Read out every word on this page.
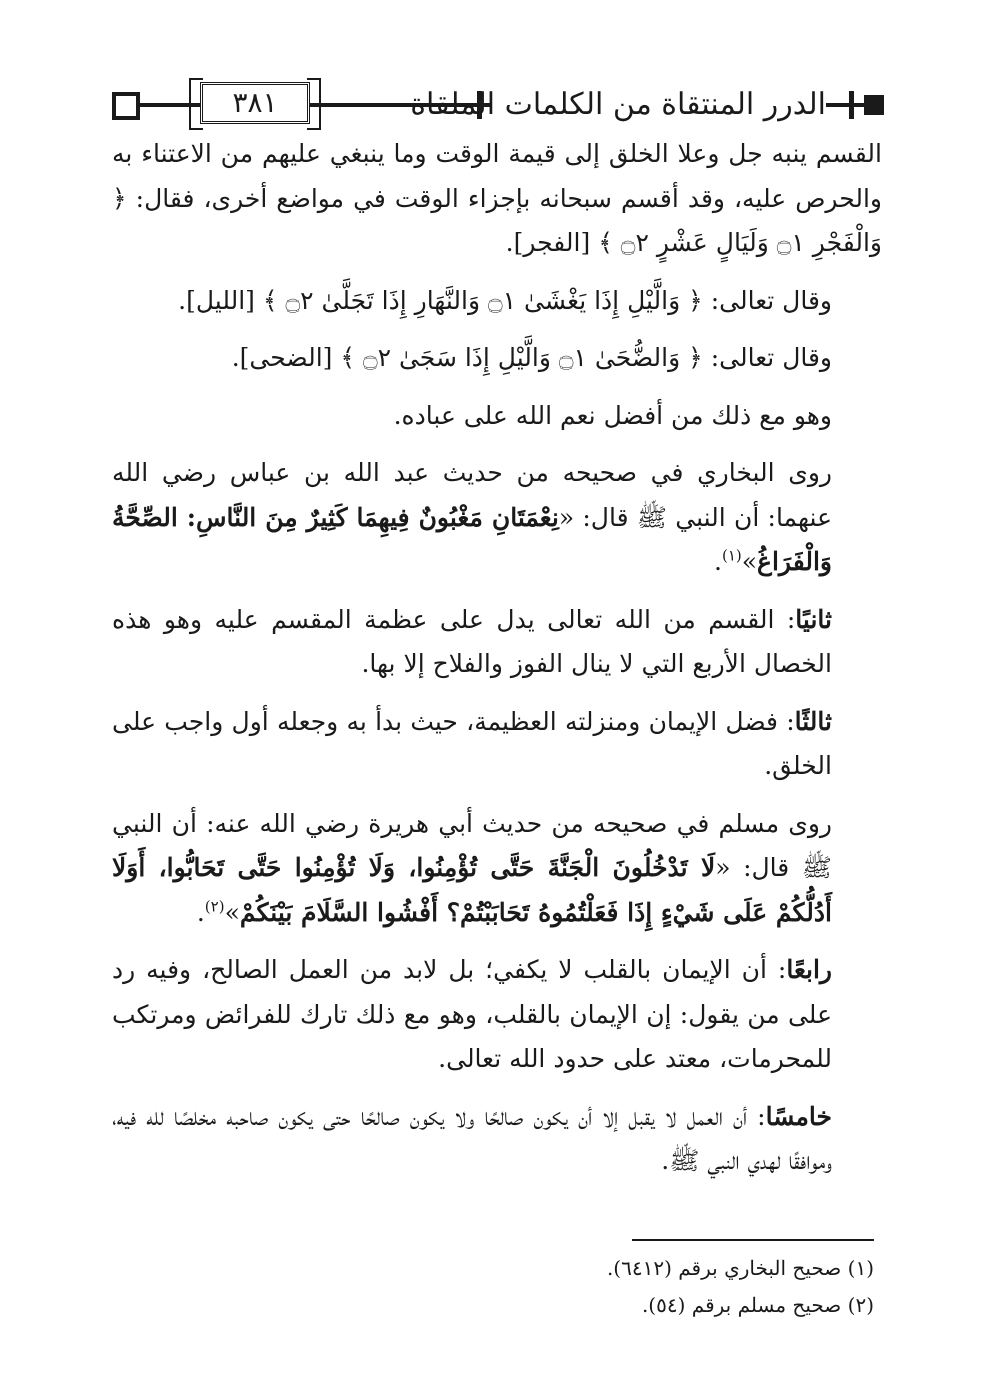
الدرر المنتقاة من الكلمات الملقاة
٣٨١

القسم ينبه جل وعلا الخلق إلى قيمة الوقت وما ينبغي عليهم من الاعتناء به والحرص عليه، وقد أقسم سبحانه بإجزاء الوقت في مواضع أخرى، فقال: ﴿ وَالْفَجْرِ ۝١ وَلَيَالٍ عَشْرٍ ۝٢ ﴾ [الفجر].

وقال تعالى: ﴿ وَالَّيْلِ إِذَا يَغْشَىٰ ۝١ وَالنَّهَارِ إِذَا تَجَلَّىٰ ۝٢ ﴾ [الليل].

وقال تعالى: ﴿ وَالضُّحَىٰ ۝١ وَالَّيْلِ إِذَا سَجَىٰ ۝٢ ﴾ [الضحى].

وهو مع ذلك من أفضل نعم الله على عباده.

روى البخاري في صحيحه من حديث عبد الله بن عباس رضي الله عنهما: أن النبي ﷺ قال: «نِعْمَتَانِ مَغْبُونٌ فِيهِمَا كَثِيرٌ مِنَ النَّاسِ: الصِّحَّةُ وَالْفَرَاغُ»$^{(١)}$.

ثانيًا: القسم من الله تعالى يدل على عظمة المقسم عليه وهو هذه الخصال الأربع التي لا ينال الفوز والفلاح إلا بها.

ثالثًا: فضل الإيمان ومنزلته العظيمة، حيث بدأ به وجعله أول واجب على الخلق.

روى مسلم في صحيحه من حديث أبي هريرة رضي الله عنه: أن النبي ﷺ قال: «لَا تَدْخُلُونَ الْجَنَّةَ حَتَّى تُؤْمِنُوا، وَلَا تُؤْمِنُوا حَتَّى تَحَابُّوا، أَوَلَا أَدُلُّكُمْ عَلَى شَيْءٍ إِذَا فَعَلْتُمُوهُ تَحَابَبْتُمْ؟ أَفْشُوا السَّلَامَ بَيْنَكُمْ»$^{(٢)}$.

رابعًا: أن الإيمان بالقلب لا يكفي؛ بل لابد من العمل الصالح، وفيه رد على من يقول: إن الإيمان بالقلب، وهو مع ذلك تارك للفرائض ومرتكب للمحرمات، معتد على حدود الله تعالى.

خامسًا: أن العمل لا يقبل إلا أن يكون صالحًا ولا يكون صالحًا حتى يكون صاحبه مخلصًا لله فيه، وموافقًا لهدي النبي ﷺ.

(١) صحيح البخاري برقم (٦٤١٢).
(٢) صحيح مسلم برقم (٥٤).
